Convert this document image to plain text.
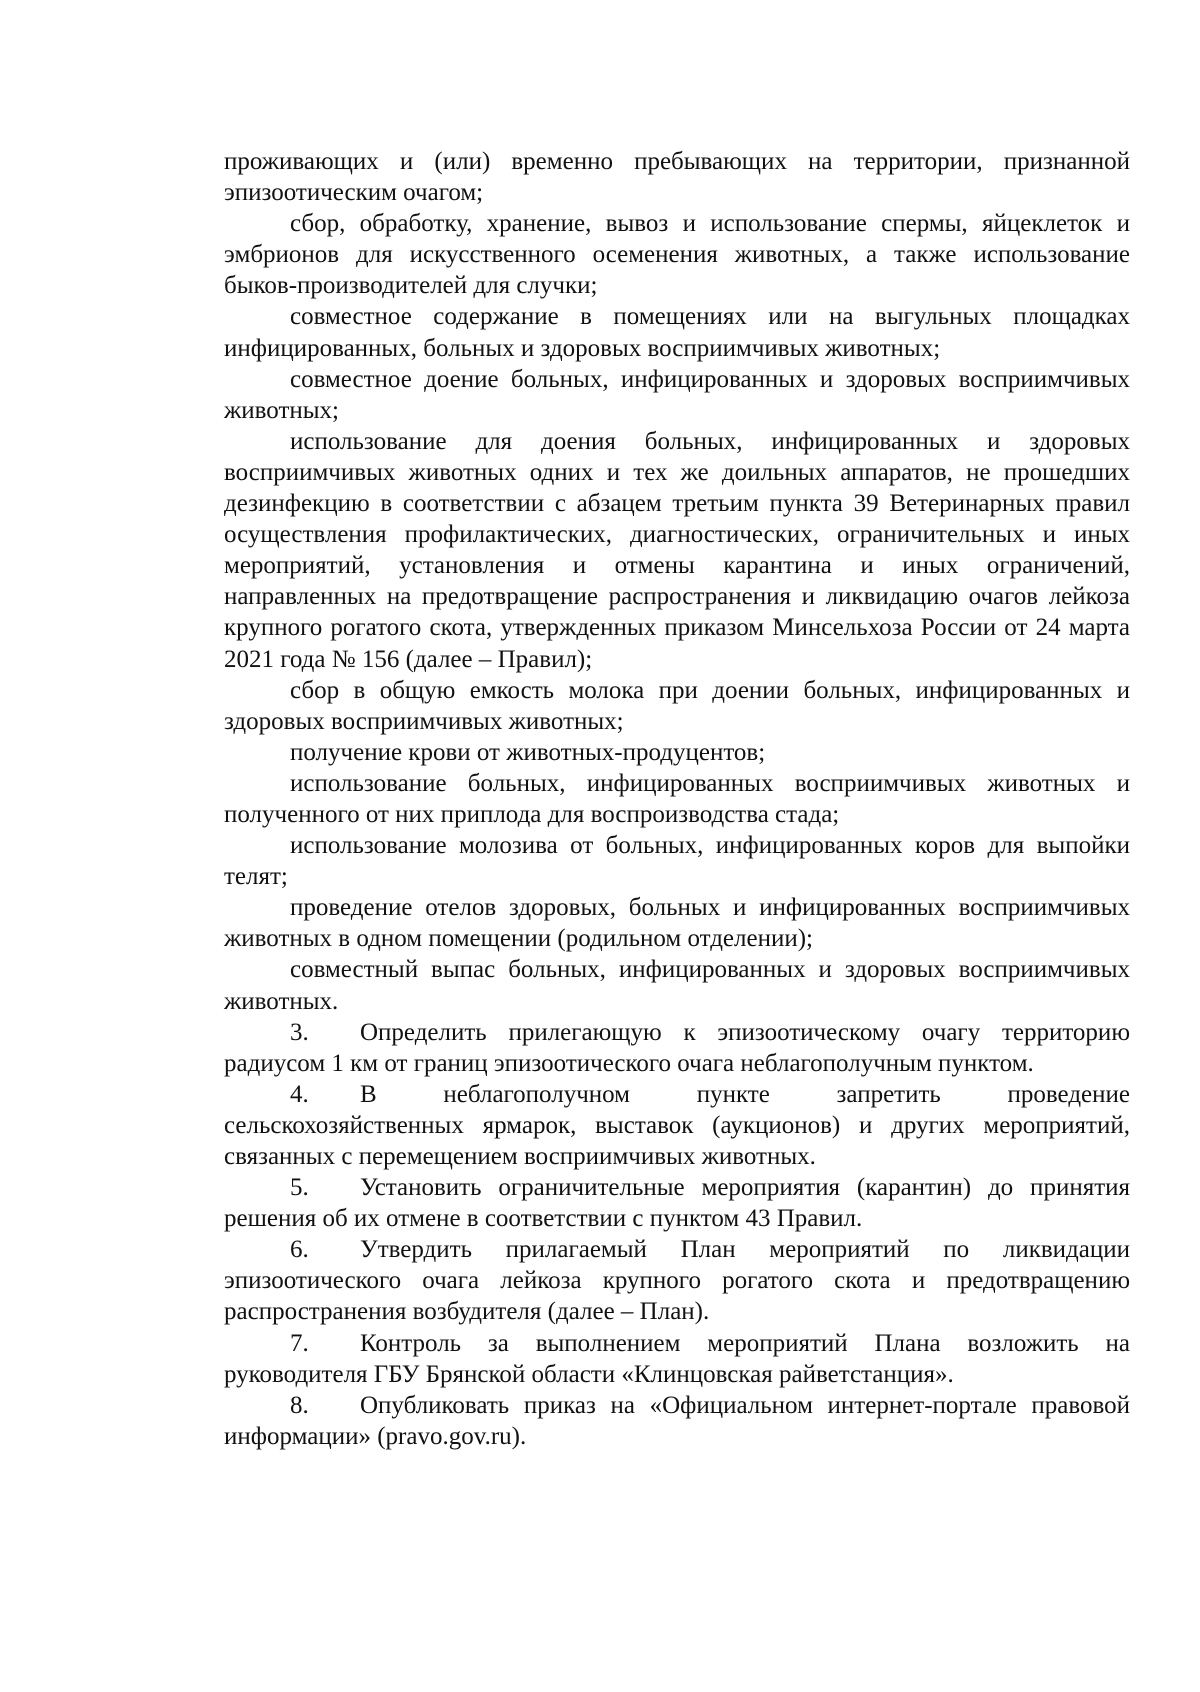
проживающих и (или) временно пребывающих на территории, признанной эпизоотическим очагом;

сбор, обработку, хранение, вывоз и использование спермы, яйцеклеток и эмбрионов для искусственного осеменения животных, а также использование быков-производителей для случки;

совместное содержание в помещениях или на выгульных площадках инфицированных, больных и здоровых восприимчивых животных;

совместное доение больных, инфицированных и здоровых восприимчивых животных;

использование для доения больных, инфицированных и здоровых восприимчивых животных одних и тех же доильных аппаратов, не прошедших дезинфекцию в соответствии с абзацем третьим пункта 39 Ветеринарных правил осуществления профилактических, диагностических, ограничительных и иных мероприятий, установления и отмены карантина и иных ограничений, направленных на предотвращение распространения и ликвидацию очагов лейкоза крупного рогатого скота, утвержденных приказом Минсельхоза России от 24 марта 2021 года № 156 (далее – Правил);

сбор в общую емкость молока при доении больных, инфицированных и здоровых восприимчивых животных;

получение крови от животных-продуцентов;

использование больных, инфицированных восприимчивых животных и полученного от них приплода для воспроизводства стада;

использование молозива от больных, инфицированных коров для выпойки телят;

проведение отелов здоровых, больных и инфицированных восприимчивых животных в одном помещении (родильном отделении);

совместный выпас больных, инфицированных и здоровых восприимчивых животных.

3. Определить прилегающую к эпизоотическому очагу территорию радиусом 1 км от границ эпизоотического очага неблагополучным пунктом.

4. В неблагополучном пункте запретить проведение сельскохозяйственных ярмарок, выставок (аукционов) и других мероприятий, связанных с перемещением восприимчивых животных.

5. Установить ограничительные мероприятия (карантин) до принятия решения об их отмене в соответствии с пунктом 43 Правил.

6. Утвердить прилагаемый План мероприятий по ликвидации эпизоотического очага лейкоза крупного рогатого скота и предотвращению распространения возбудителя (далее – План).

7. Контроль за выполнением мероприятий Плана возложить на руководителя ГБУ Брянской области «Клинцовская райветстанция».

8. Опубликовать приказ на «Официальном интернет-портале правовой информации» (pravo.gov.ru).
